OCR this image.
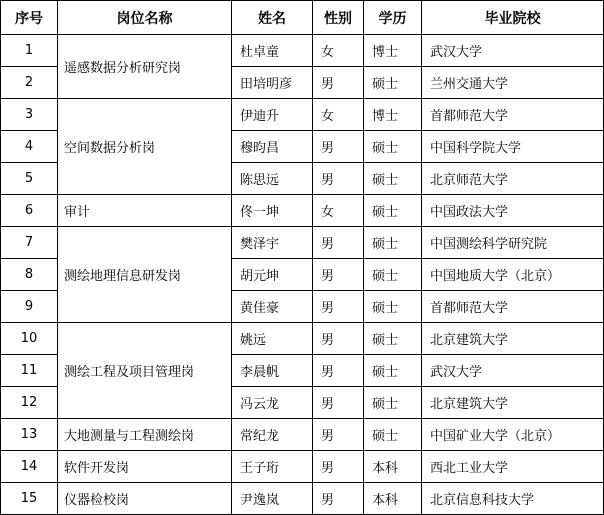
序号	岗位名称	姓名	性别	学历	毕业院校
1	遥感数据分析研究岗	杜卓童	女	博士	武汉大学
2		田培明彦	男	硕士	兰州交通大学
3	空间数据分析岗	伊迪升	女	博士	首都师范大学
4		穆昀昌	男	硕士	中国科学院大学
5		陈思远	男	硕士	北京师范大学
6	审计	佟一坤	女	硕士	中国政法大学
7	测绘地理信息研发岗	樊泽宇	男	硕士	中国测绘科学研究院
8		胡元坤	男	硕士	中国地质大学（北京）
9		黄佳豪	男	硕士	首都师范大学
10	测绘工程及项目管理岗	姚远	男	硕士	北京建筑大学
11		李晨帆	男	硕士	武汉大学
12		冯云龙	男	硕士	北京建筑大学
13	大地测量与工程测绘岗	常纪龙	男	硕士	中国矿业大学（北京）
14	软件开发岗	王子珩	男	本科	西北工业大学
15	仪器检校岗	尹逸岚	男	本科	北京信息科技大学
